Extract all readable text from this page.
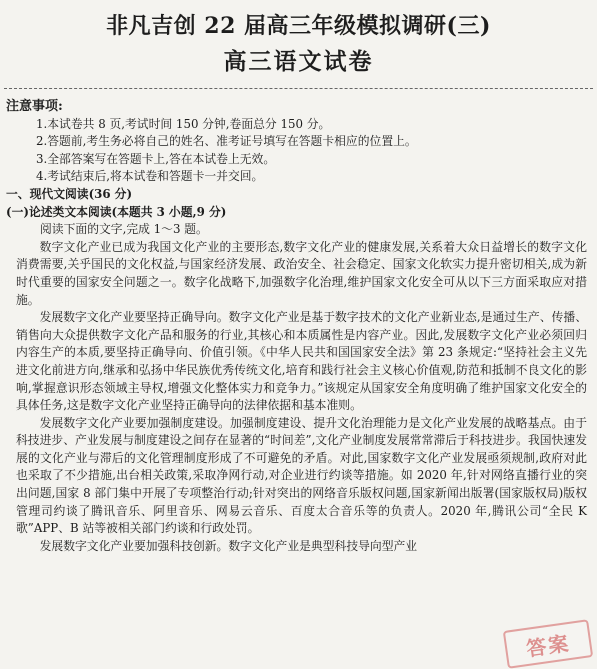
非凡吉创 22 届高三年级模拟调研(三)
高三语文试卷
注意事项:
1.本试卷共 8 页,考试时间 150 分钟,卷面总分 150 分。
2.答题前,考生务必将自己的姓名、准考证号填写在答题卡相应的位置上。
3.全部答案写在答题卡上,答在本试卷上无效。
4.考试结束后,将本试卷和答题卡一并交回。
一、现代文阅读(36 分)
(一)论述类文本阅读(本题共 3 小题,9 分)
阅读下面的文字,完成 1～3 题。

数字文化产业已成为我国文化产业的主要形态,数字文化产业的健康发展,关系着大众日益增长的数字文化消费需要,关乎国民的文化权益,与国家经济发展、政治安全、社会稳定、国家文化软实力提升密切相关,成为新时代重要的国家安全问题之一。数字化战略下,加强数字化治理,维护国家文化安全可从以下三方面采取应对措施。

发展数字文化产业要坚持正确导向。数字文化产业是基于数字技术的文化产业新业态,是通过生产、传播、销售向大众提供数字文化产品和服务的行业,其核心和本质属性是内容产业。因此,发展数字文化产业必须回归内容生产的本质,要坚持正确导向、价值引领。《中华人民共和国国家安全法》第 23 条规定:“坚持社会主义先进文化前进方向,继承和弘扬中华民族优秀传统文化,培育和践行社会主义核心价值观,防范和抵制不良文化的影响,掌握意识形态领域主导权,增强文化整体实力和竞争力。”该规定从国家安全角度明确了维护国家文化安全的具体任务,这是数字文化产业坚持正确导向的法律依据和基本准则。

发展数字文化产业要加强制度建设。加强制度建设、提升文化治理能力是文化产业发展的战略基点。由于科技进步、产业发展与制度建设之间存在显著的“时间差”,文化产业制度发展常常滞后于科技进步。我国快速发展的文化产业与滞后的文化管理制度形成了不可避免的矛盾。对此,国家数字文化产业发展亟须规制,政府对此也采取了不少措施,出台相关政策,采取净网行动,对企业进行约谈等措施。如 2020 年,针对网络直播行业的突出问题,国家 8 部门集中开展了专项整治行动;针对突出的网络音乐版权问题,国家新闻出版署(国家版权局)版权管理司约谈了腾讯音乐、阿里音乐、网易云音乐、百度太合音乐等的负责人。2020 年,腾讯公司“全民 K 歌”APP、B 站等被相关部门约谈和行政处罚。

发展数字文化产业要加强科技创新。数字文化产业是典型科技导向型产业

答案
